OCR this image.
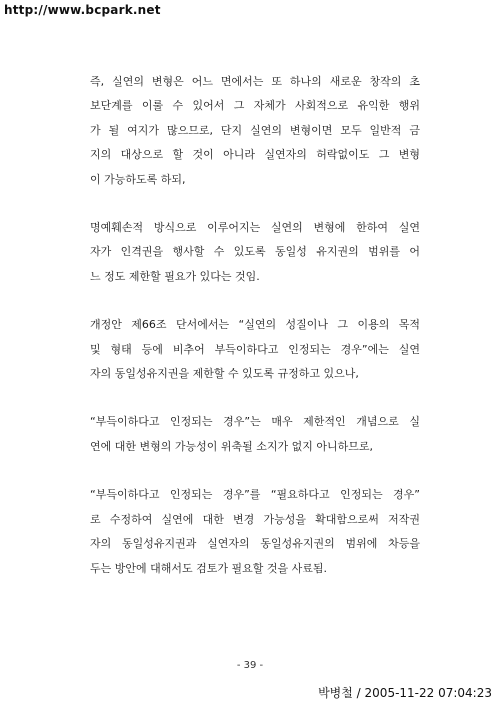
http://www.bcpark.net
즉, 실연의 변형은 어느 면에서는 또 하나의 새로운 창작의 초
보단계를 이룰 수 있어서 그 자체가 사회적으로 유익한 행위
가 될 여지가 많으므로, 단지 실연의 변형이면 모두 일반적 금
지의 대상으로 할 것이 아니라 실연자의 허락없이도 그 변형
이 가능하도록 하되,
명예훼손적 방식으로 이루어지는 실연의 변형에 한하여 실연
자가 인격권을 행사할 수 있도록 동일성 유지권의 범위를 어
느 정도 제한할 필요가 있다는 것임.
개정안 제66조 단서에서는 “실연의 성질이나 그 이용의 목적
및 형태 등에 비추어 부득이하다고 인정되는 경우”에는 실연
자의 동일성유지권을 제한할 수 있도록 규정하고 있으나,
“부득이하다고 인정되는 경우”는 매우 제한적인 개념으로 실
연에 대한 변형의 가능성이 위축될 소지가 없지 아니하므로,
“부득이하다고 인정되는 경우”를 “필요하다고 인정되는 경우”
로 수정하여 실연에 대한 변경 가능성을 확대함으로써 저작권
자의 동일성유지권과 실연자의 동일성유지권의 범위에 차등을
두는 방안에 대해서도 검토가 필요할 것을 사료됨.
- 39 -
박병철 / 2005-11-22 07:04:23
